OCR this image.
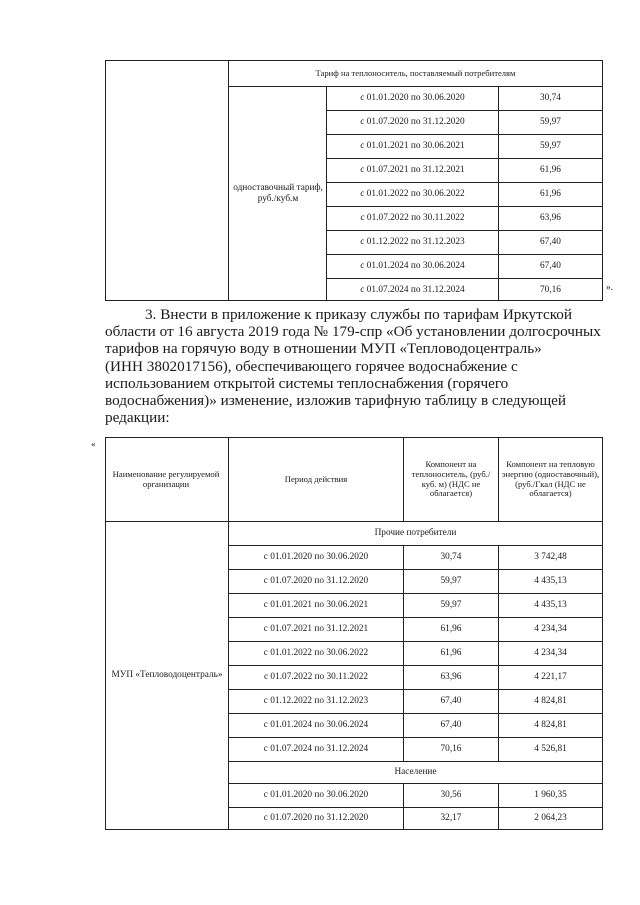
Тариф на теплоноситель, поставляемый потребителям
одноставочный тариф, руб./куб.м
с 01.01.2020 по 30.06.2020	30,74
с 01.07.2020 по 31.12.2020	59,97
с 01.01.2021 по 30.06.2021	59,97
с 01.07.2021 по 31.12.2021	61,96
с 01.01.2022 по 30.06.2022	61,96
с 01.07.2022 по 30.11.2022	63,96
с 01.12.2022 по 31.12.2023	67,40
с 01.01.2024 по 30.06.2024	67,40
с 01.07.2024 по 31.12.2024	70,16	».

3. Внести в приложение к приказу службы по тарифам Иркутской

области от 16 августа 2019 года № 179-спр «Об установлении долгосрочных

тарифов на горячую воду в отношении МУП «Тепловодоцентраль»

(ИНН 3802017156), обеспечивающего горячее водоснабжение с

использованием открытой системы теплоснабжения (горячего

водоснабжения)» изменение, изложив тарифную таблицу в следующей

редакции:

«
Наименование регулируемой организации	Период действия
Компонент на теплоноситель, (руб./куб. м) (НДС не облагается)
Компонент на тепловую энергию (одноставочный), (руб./Гкал (НДС не облагается)
МУП «Тепловодоцентраль»
Прочие потребители
с 01.01.2020 по 30.06.2020	30,74	3 742,48
с 01.07.2020 по 31.12.2020	59,97	4 435,13
с 01.01.2021 по 30.06.2021	59,97	4 435,13
с 01.07.2021 по 31.12.2021	61,96	4 234,34
с 01.01.2022 по 30.06.2022	61,96	4 234,34
с 01.07.2022 по 30.11.2022	63,96	4 221,17
с 01.12.2022 по 31.12.2023	67,40	4 824,81
с 01.01.2024 по 30.06.2024	67,40	4 824,81
с 01.07.2024 по 31.12.2024	70,16	4 526,81
Население
с 01.01.2020 по 30.06.2020	30,56	1 960,35
с 01.07.2020 по 31.12.2020	32,17	2 064,23
